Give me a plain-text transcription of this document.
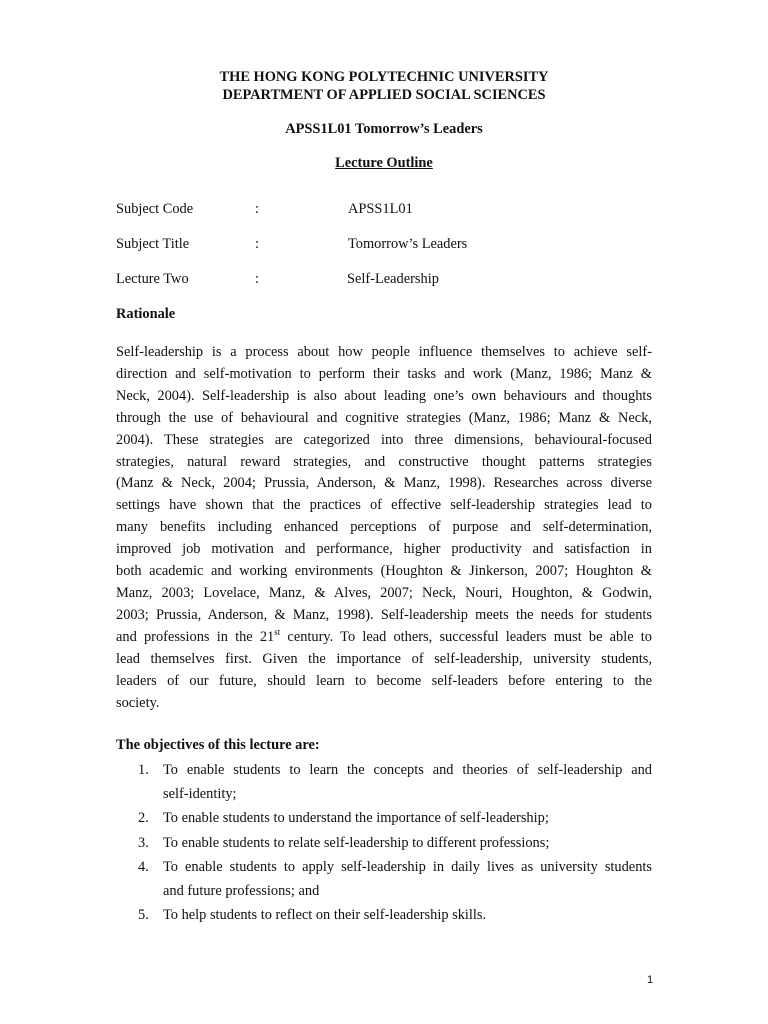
THE HONG KONG POLYTECHNIC UNIVERSITY
DEPARTMENT OF APPLIED SOCIAL SCIENCES
APSS1L01 Tomorrow’s Leaders
Lecture Outline
Subject Code	:	APSS1L01
Subject Title	:	Tomorrow’s Leaders
Lecture Two	:	Self-Leadership
Rationale
Self-leadership is a process about how people influence themselves to achieve self-
direction and self-motivation to perform their tasks and work (Manz, 1986; Manz &
Neck, 2004). Self-leadership is also about leading one’s own behaviours and thoughts
through the use of behavioural and cognitive strategies (Manz, 1986; Manz & Neck,
2004). These strategies are categorized into three dimensions, behavioural-focused
strategies, natural reward strategies, and constructive thought patterns strategies
(Manz & Neck, 2004; Prussia, Anderson, & Manz, 1998). Researches across diverse
settings have shown that the practices of effective self-leadership strategies lead to
many benefits including enhanced perceptions of purpose and self-determination,
improved job motivation and performance, higher productivity and satisfaction in
both academic and working environments (Houghton & Jinkerson, 2007; Houghton &
Manz, 2003; Lovelace, Manz, & Alves, 2007; Neck, Nouri, Houghton, & Godwin,
2003; Prussia, Anderson, & Manz, 1998). Self-leadership meets the needs for students
and professions in the 21st century. To lead others, successful leaders must be able to
lead themselves first. Given the importance of self-leadership, university students,
leaders of our future, should learn to become self-leaders before entering to the
society.
The objectives of this lecture are:
1. To enable students to learn the concepts and theories of self-leadership and
self-identity;
2. To enable students to understand the importance of self-leadership;
3. To enable students to relate self-leadership to different professions;
4. To enable students to apply self-leadership in daily lives as university students
and future professions; and
5. To help students to reflect on their self-leadership skills.
1
